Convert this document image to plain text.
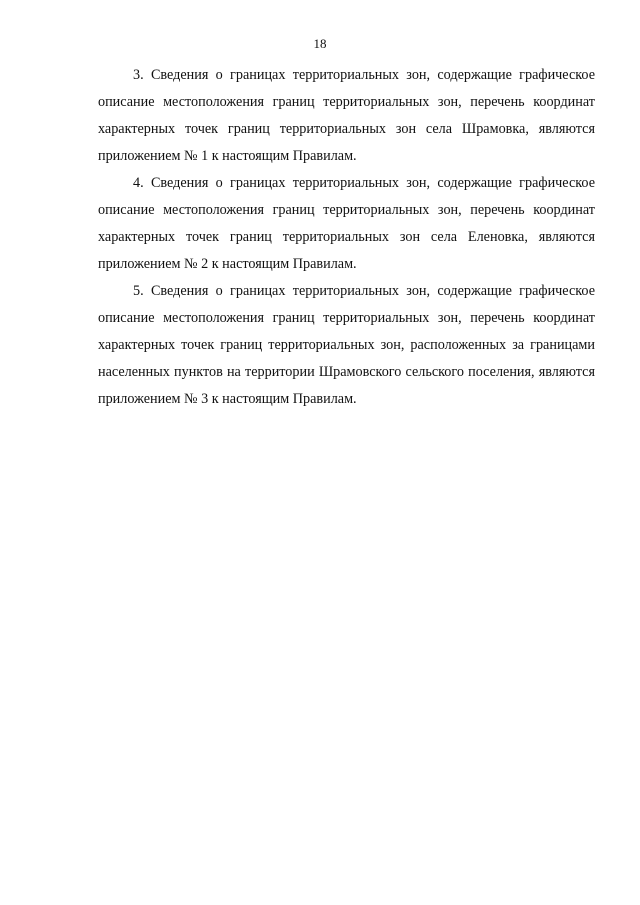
18

3. Сведения о границах территориальных зон, содержащие графическое описание местоположения границ территориальных зон, перечень координат характерных точек границ территориальных зон села Шрамовка, являются приложением № 1 к настоящим Правилам.

4. Сведения о границах территориальных зон, содержащие графическое описание местоположения границ территориальных зон, перечень координат характерных точек границ территориальных зон села Еленовка, являются приложением № 2 к настоящим Правилам.

5. Сведения о границах территориальных зон, содержащие графическое описание местоположения границ территориальных зон, перечень координат характерных точек границ территориальных зон, расположенных за границами населенных пунктов на территории Шрамовского сельского поселения, являются приложением № 3 к настоящим Правилам.
